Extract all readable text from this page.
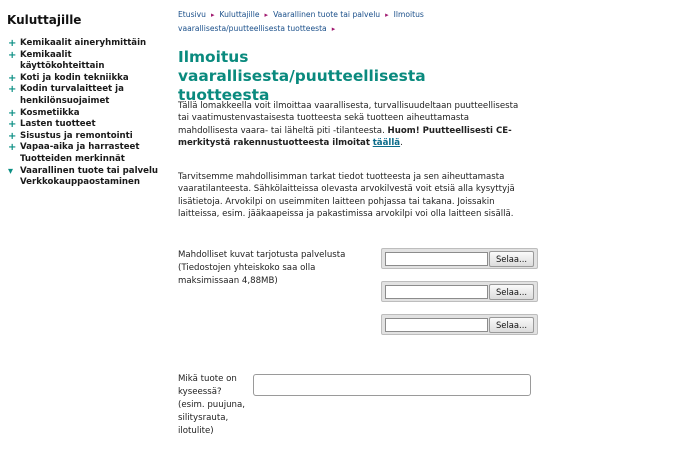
Kuluttajille
+ Kemikaalit aineryhmittäin
+ Kemikaalit käyttökohteittain
+ Koti ja kodin tekniikka
+ Kodin turvalaitteet ja henkilönsuojaimet
+ Kosmetiikka
+ Lasten tuotteet
+ Sisustus ja remontointi
+ Vapaa-aika ja harrasteet
Tuotteiden merkinnät
▾ Vaarallinen tuote tai palvelu
Verkkokauppaostaminen
Etusivu ▸ Kuluttajille ▸ Vaarallinen tuote tai palvelu ▸ Ilmoitus vaarallisesta/puutteellisesta tuotteesta ▸
Ilmoitus vaarallisesta/puutteellisesta tuotteesta

Tällä lomakkeella voit ilmoittaa vaarallisesta, turvallisuudeltaan puutteellisesta tai vaatimustenvastaisesta tuotteesta sekä tuotteen aiheuttamasta mahdollisesta vaara- tai läheltä piti -tilanteesta. Huom! Puutteellisesti CE-merkitystä rakennustuotteesta ilmoitat täällä.

Tarvitsemme mahdollisimman tarkat tiedot tuotteesta ja sen aiheuttamasta vaaratilanteesta. Sähkölaitteissa olevasta arvokilvestä voit etsiä alla kysyttyjä lisätietoja. Arvokilpi on useimmiten laitteen pohjassa tai takana. Joissakin laitteissa, esim. jääkaapeissa ja pakastimissa arvokilpi voi olla laitteen sisällä.

Mahdolliset kuvat tarjotusta palvelusta (Tiedostojen yhteiskoko saa olla maksimissaan 4,88MB)
Selaa...
Selaa...
Selaa...
Mikä tuote on kyseessä? (esim. puujuna, silitysrauta, ilotulite)
